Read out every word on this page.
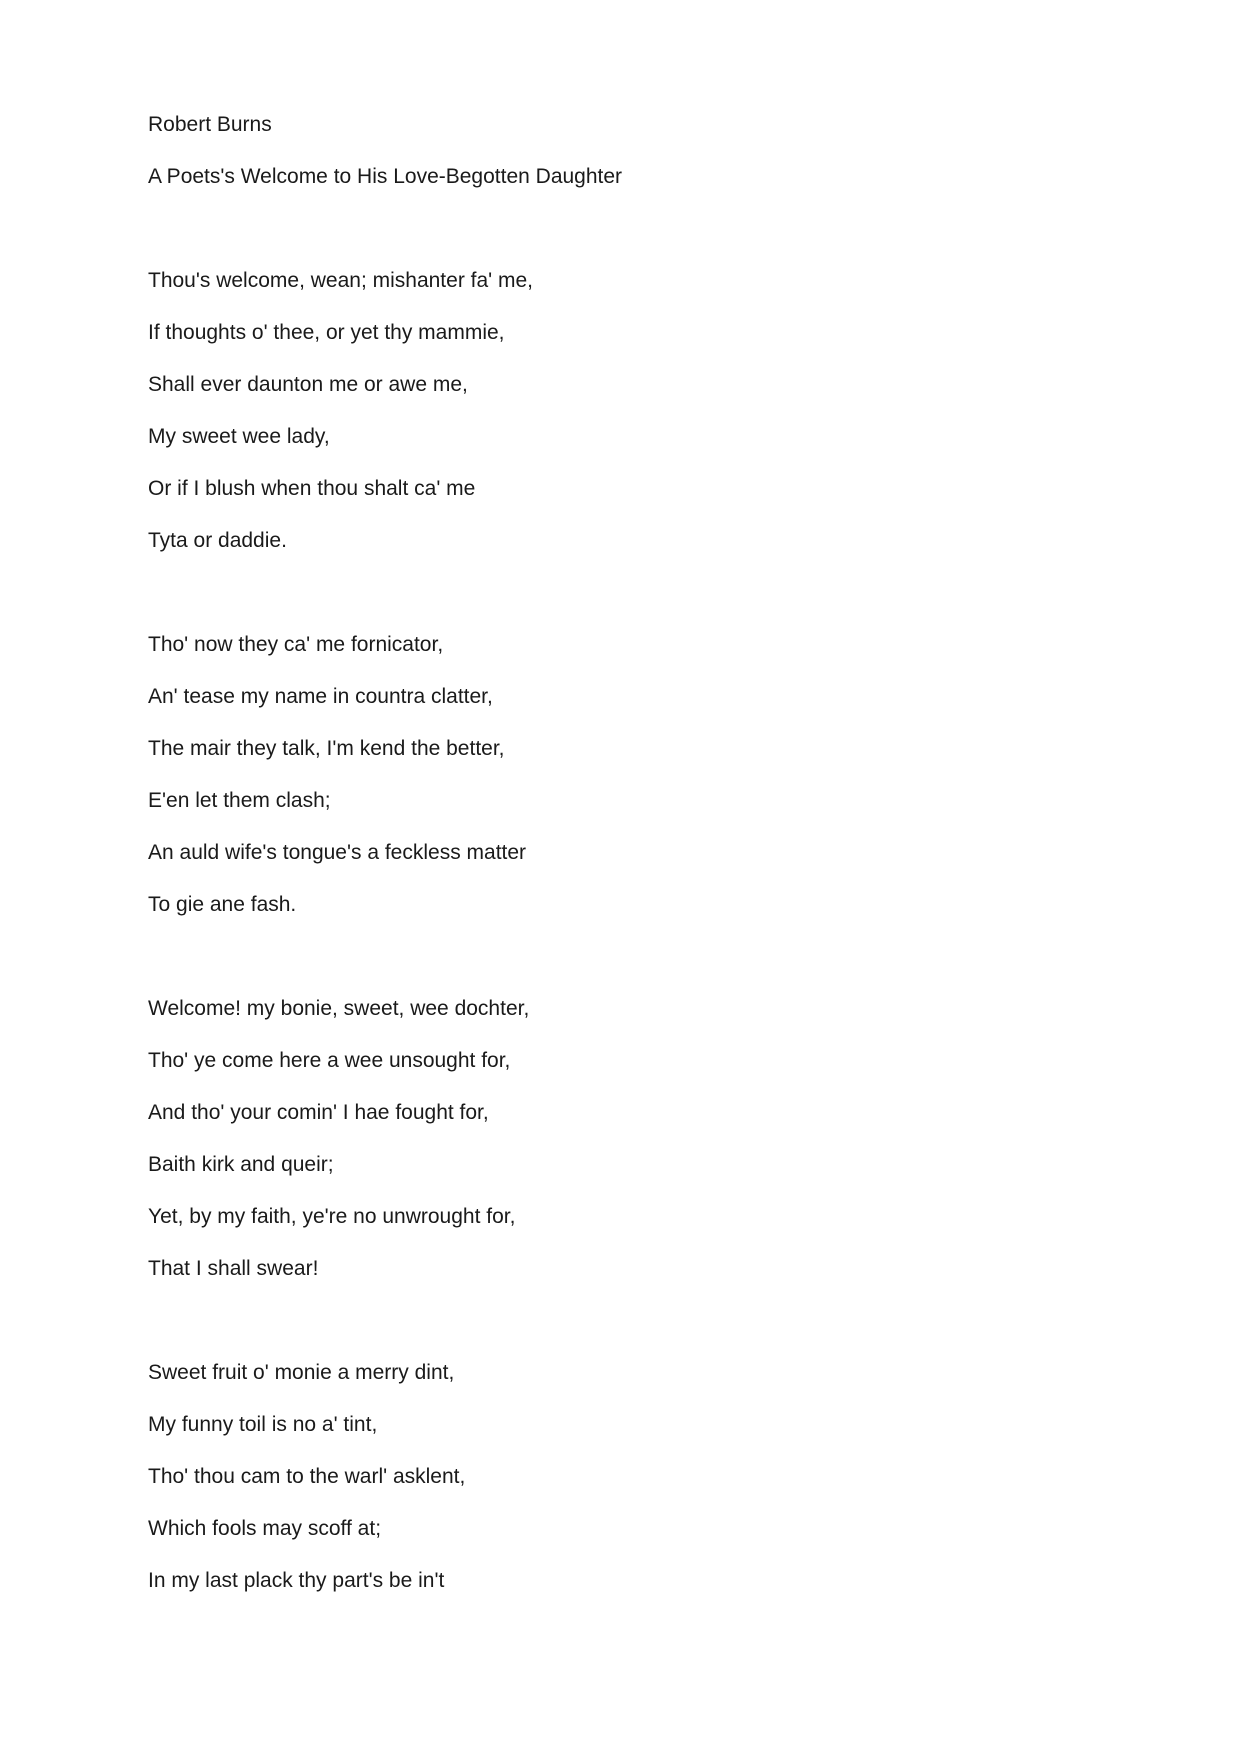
Robert Burns
A Poets's Welcome to His Love-Begotten Daughter
Thou's welcome, wean; mishanter fa' me,
If thoughts o' thee, or yet thy mammie,
Shall ever daunton me or awe me,
My sweet wee lady,
Or if I blush when thou shalt ca' me
Tyta or daddie.
Tho' now they ca' me fornicator,
An' tease my name in countra clatter,
The mair they talk, I'm kend the better,
E'en let them clash;
An auld wife's tongue's a feckless matter
To gie ane fash.
Welcome! my bonie, sweet, wee dochter,
Tho' ye come here a wee unsought for,
And tho' your comin' I hae fought for,
Baith kirk and queir;
Yet, by my faith, ye're no unwrought for,
That I shall swear!
Sweet fruit o' monie a merry dint,
My funny toil is no a' tint,
Tho' thou cam to the warl' asklent,
Which fools may scoff at;
In my last plack thy part's be in't
